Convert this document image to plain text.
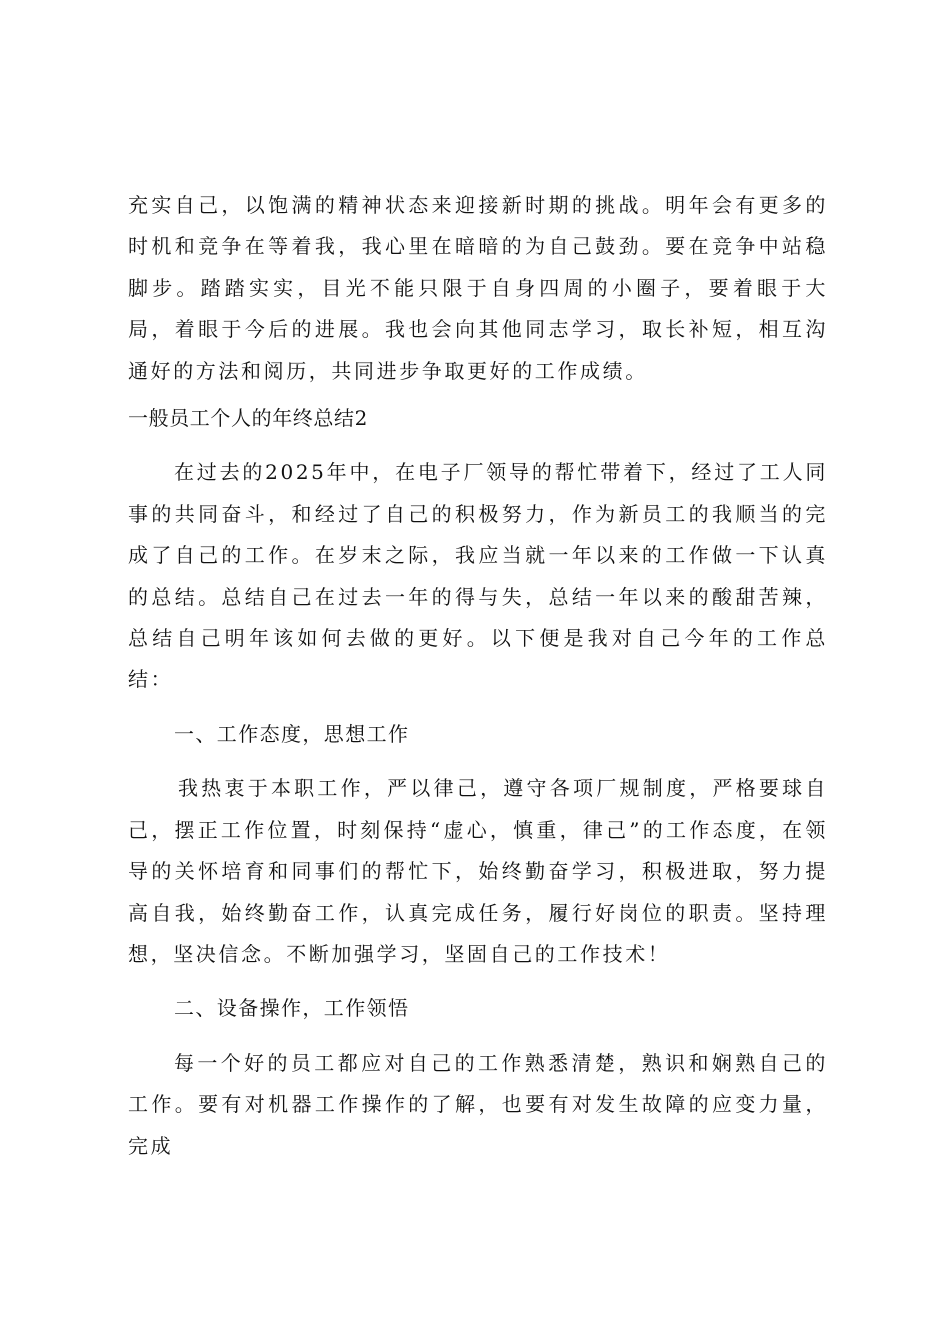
充实自己，以饱满的精神状态来迎接新时期的挑战。明年会有更多的时机和竞争在等着我，我心里在暗暗的为自己鼓劲。要在竞争中站稳脚步。踏踏实实，目光不能只限于自身四周的小圈子，要着眼于大局，着眼于今后的进展。我也会向其他同志学习，取长补短，相互沟通好的方法和阅历，共同进步争取更好的工作成绩。

一般员工个人的年终总结2

在过去的2025年中，在电子厂领导的帮忙带着下，经过了工人同事的共同奋斗，和经过了自己的积极努力，作为新员工的我顺当的完成了自己的工作。在岁末之际，我应当就一年以来的工作做一下认真的总结。总结自己在过去一年的得与失，总结一年以来的酸甜苦辣，总结自己明年该如何去做的更好。以下便是我对自己今年的工作总结：

一、工作态度，思想工作

我热衷于本职工作，严以律己，遵守各项厂规制度，严格要球自己，摆正工作位置，时刻保持“虚心，慎重，律己”的工作态度，在领导的关怀培育和同事们的帮忙下，始终勤奋学习，积极进取，努力提高自我，始终勤奋工作，认真完成任务，履行好岗位的职责。坚持理想，坚决信念。不断加强学习，坚固自己的工作技术！

二、设备操作，工作领悟

每一个好的员工都应对自己的工作熟悉清楚，熟识和娴熟自己的工作。要有对机器工作操作的了解，也要有对发生故障的应变力量，完成
